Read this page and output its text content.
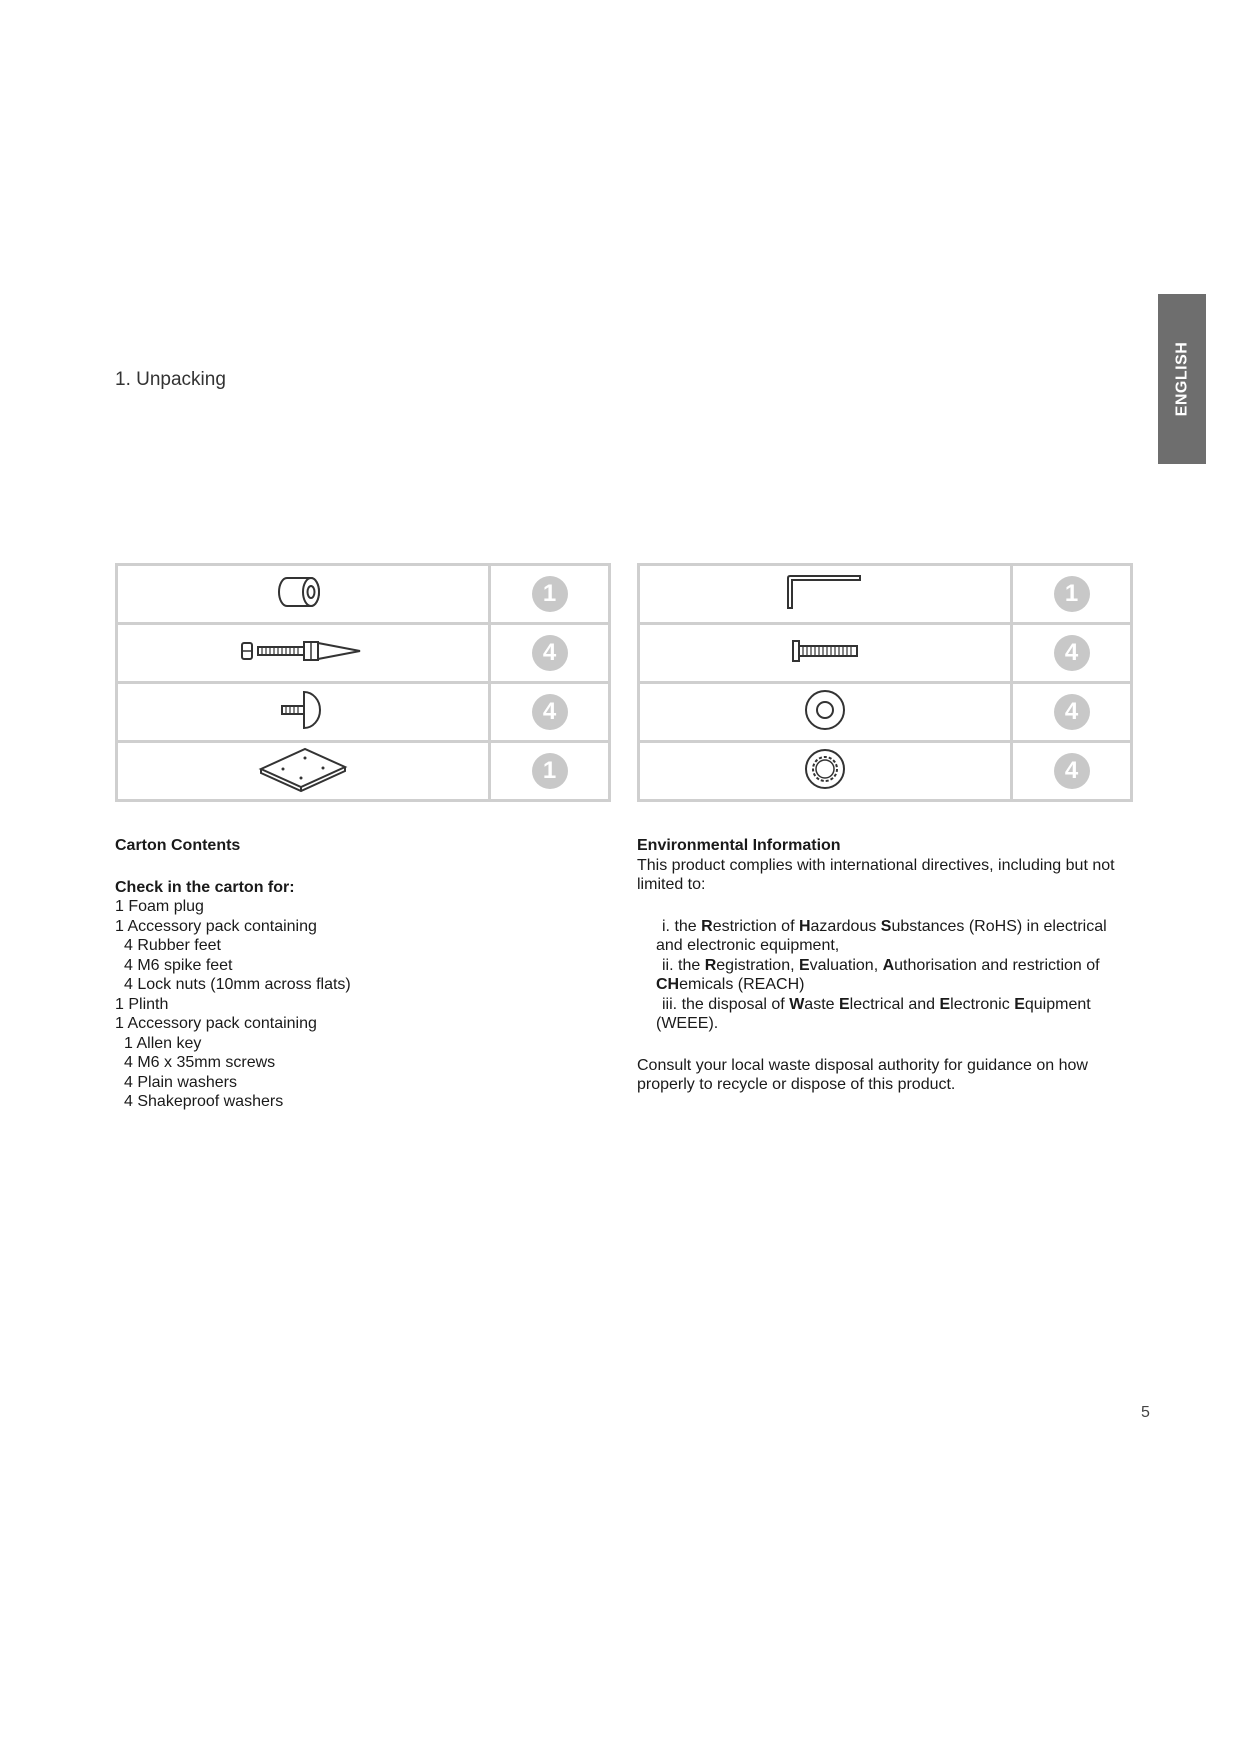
ENGLISH
1. Unpacking
	1
	4
	4
	1
	1
	4
	4
	4
Carton Contents
Check in the carton for:
1 Foam plug
1 Accessory pack containing
4 Rubber feet
4 M6 spike feet
4 Lock nuts (10mm across flats)
1 Plinth
1 Accessory pack containing
1 Allen key
4 M6 x 35mm screws
4 Plain washers
4 Shakeproof washers
Environmental Information
This product complies with international directives, including but not limited to:

i. the Restriction of Hazardous Substances (RoHS) in electrical and electronic equipment,

ii. the Registration, Evaluation, Authorisation and restriction of CHemicals (REACH)

iii. the disposal of Waste Electrical and Electronic Equipment (WEEE).

Consult your local waste disposal authority for guidance on how properly to recycle or dispose of this product.
5
